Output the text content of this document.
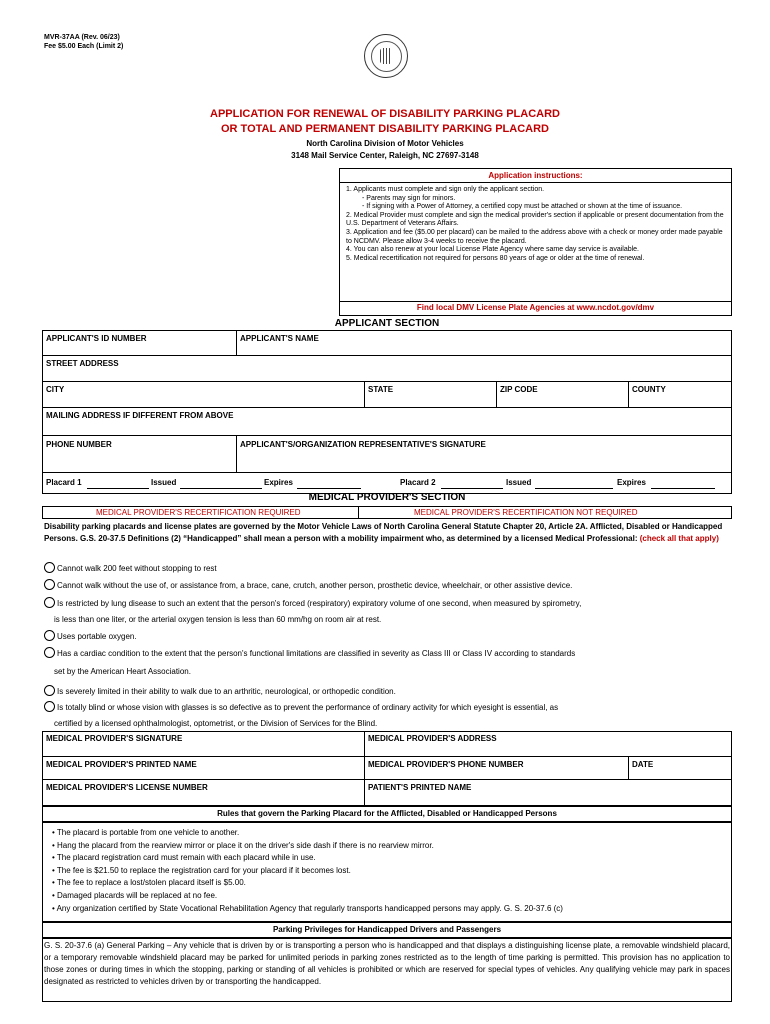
MVR-37AA (Rev. 06/23)
Fee $5.00 Each (Limit 2)
APPLICATION FOR RENEWAL OF DISABILITY PARKING PLACARD
OR TOTAL AND PERMANENT DISABILITY PARKING PLACARD
North Carolina Division of Motor Vehicles
3148 Mail Service Center, Raleigh, NC 27697-3148
Application instructions:
1. Applicants must complete and sign only the applicant section.
- Parents may sign for minors.
- If signing with a Power of Attorney, a certified copy must be attached or shown at the time of issuance.
2. Medical Provider must complete and sign the medical provider's section if applicable or present documentation from the U.S. Department of Veterans Affairs.
3. Application and fee ($5.00 per placard) can be mailed to the address above with a check or money order made payable to NCDMV. Please allow 3-4 weeks to receive the placard.
4. You can also renew at your local License Plate Agency where same day service is available.
5. Medical recertification not required for persons 80 years of age or older at the time of renewal.
Find local DMV License Plate Agencies at www.ncdot.gov/dmv
APPLICANT SECTION
APPLICANT'S ID NUMBER	APPLICANT'S NAME
STREET ADDRESS
CITY	STATE	ZIP CODE	COUNTY
MAILING ADDRESS IF DIFFERENT FROM ABOVE
PHONE NUMBER	APPLICANT'S/ORGANIZATION REPRESENTATIVE'S SIGNATURE
Placard 1	Issued	Expires	Placard 2	Issued	Expires
MEDICAL PROVIDER'S SECTION
MEDICAL PROVIDER'S RECERTIFICATION REQUIRED	MEDICAL PROVIDER'S RECERTIFICATION NOT REQUIRED
Disability parking placards and license plates are governed by the Motor Vehicle Laws of North Carolina General Statute Chapter 20, Article 2A. Afflicted, Disabled or Handicapped Persons. G.S. 20-37.5 Definitions (2) “Handicapped” shall mean a person with a mobility impairment who, as determined by a licensed Medical Professional: (check all that apply)
Cannot walk 200 feet without stopping to rest
Cannot walk without the use of, or assistance from, a brace, cane, crutch, another person, prosthetic device, wheelchair, or other assistive device.
Is restricted by lung disease to such an extent that the person's forced (respiratory) expiratory volume of one second, when measured by spirometry,
is less than one liter, or the arterial oxygen tension is less than 60 mm/hg on room air at rest.
Uses portable oxygen.
Has a cardiac condition to the extent that the person's functional limitations are classified in severity as Class III or Class IV according to standards
set by the American Heart Association.
Is severely limited in their ability to walk due to an arthritic, neurological, or orthopedic condition.
Is totally blind or whose vision with glasses is so defective as to prevent the performance of ordinary activity for which eyesight is essential, as
certified by a licensed ophthalmologist, optometrist, or the Division of Services for the Blind.
MEDICAL PROVIDER'S SIGNATURE	MEDICAL PROVIDER'S ADDRESS
MEDICAL PROVIDER'S PRINTED NAME	MEDICAL PROVIDER'S PHONE NUMBER	DATE
MEDICAL PROVIDER'S LICENSE NUMBER	PATIENT'S PRINTED NAME
Rules that govern the Parking Placard for the Afflicted, Disabled or Handicapped Persons
• The placard is portable from one vehicle to another.
• Hang the placard from the rearview mirror or place it on the driver's side dash if there is no rearview mirror.
• The placard registration card must remain with each placard while in use.
• The fee is $21.50 to replace the registration card for your placard if it becomes lost.
• The fee to replace a lost/stolen placard itself is $5.00.
• Damaged placards will be replaced at no fee.
• Any organization certified by State Vocational Rehabilitation Agency that regularly transports handicapped persons may apply. G. S. 20-37.6 (c)
Parking Privileges for Handicapped Drivers and Passengers
G. S. 20-37.6 (a) General Parking – Any vehicle that is driven by or is transporting a person who is handicapped and that displays a distinguishing license plate, a removable windshield placard, or a temporary removable windshield placard may be parked for unlimited periods in parking zones restricted as to the length of time parking is permitted. This provision has no application to those zones or during times in which the stopping, parking or standing of all vehicles is prohibited or which are reserved for special types of vehicles. Any qualifying vehicle may park in spaces designated as restricted to vehicles driven by or transporting the handicapped.
